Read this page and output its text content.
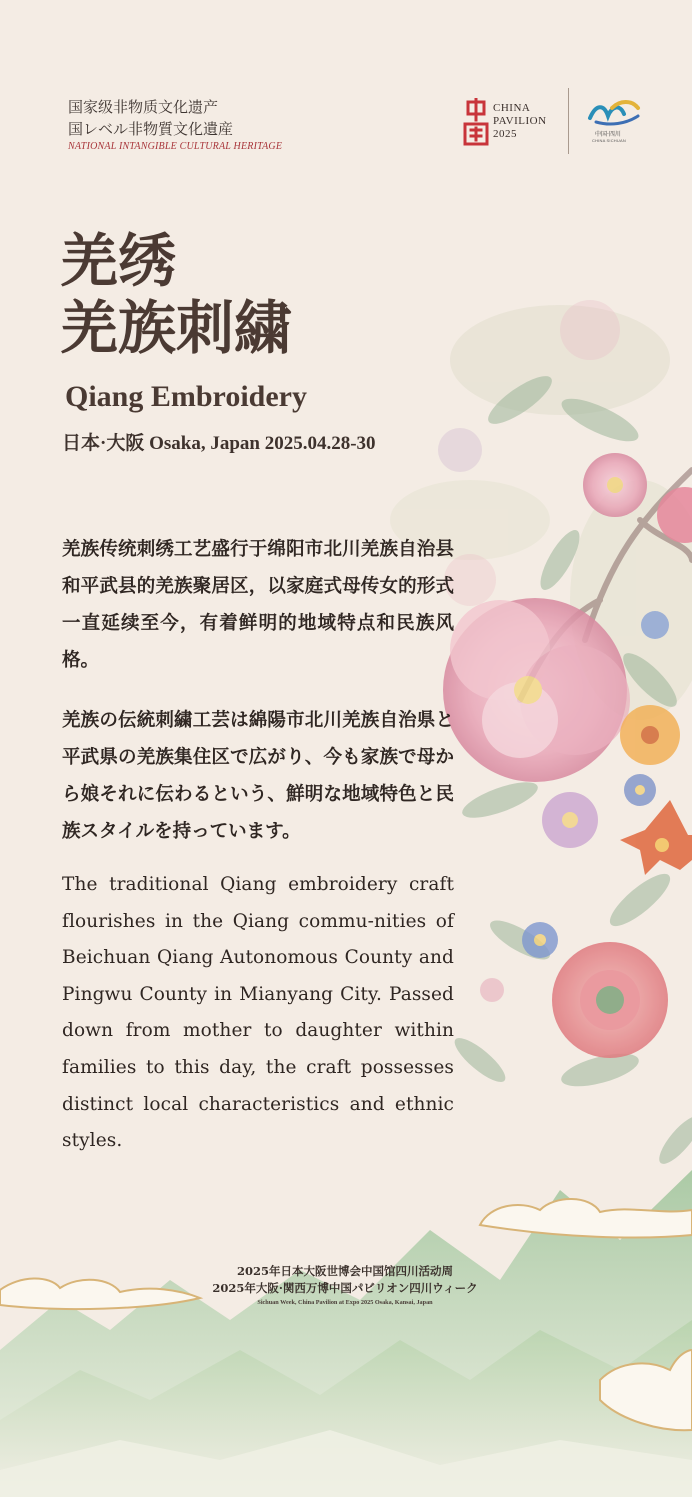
国家级非物质文化遗产
国レベル非物質文化遺産
NATIONAL INTANGIBLE CULTURAL HERITAGE
CHINA
PAVILION
2025	中国·四川
CHINA SICHUAN
羌绣
羌族刺繍
Qiang Embroidery
日本·大阪 Osaka, Japan 2025.04.28-30
羌族传统刺绣工艺盛行于绵阳市北川羌族自治县和平武县的羌族聚居区，以家庭式母传女的形式一直延续至今，有着鲜明的地域特点和民族风格。
羌族の伝統刺繍工芸は綿陽市北川羌族自治県と平武県の羌族集住区で広がり、今も家族で母から娘それに伝わるという、鮮明な地域特色と民族スタイルを持っています。
The traditional Qiang embroidery craft flourishes in the Qiang commu-nities of Beichuan Qiang Autonomous County and Pingwu County in Mianyang City. Passed down from mother to daughter within families to this day, the craft possesses distinct local characteristics and ethnic styles.
2025年日本大阪世博会中国馆四川活动周
2025年大阪·関西万博中国パビリオン四川ウィーク
Sichuan Week, China Pavilion at Expo 2025 Osaka, Kansai, Japan
